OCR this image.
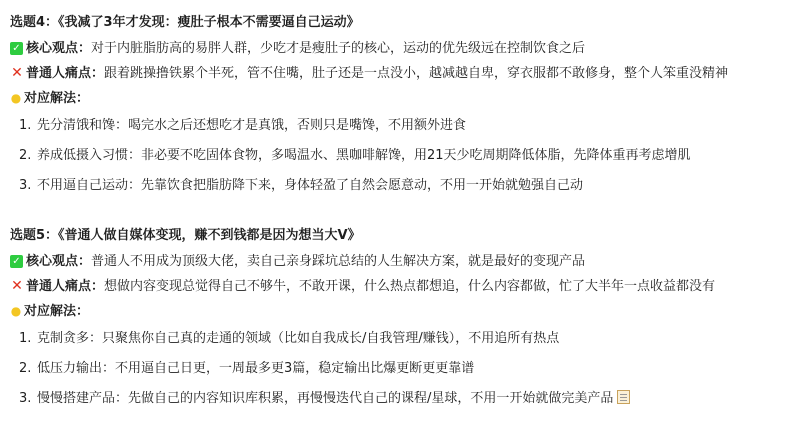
选题4：《我减了3年才发现：瘦肚子根本不需要逼自己运动》
✓ 核心观点：对于内脏脂肪高的易胖人群，少吃才是瘦肚子的核心，运动的优先级远在控制饮食之后
✕ 普通人痛点：跟着跳操撸铁累个半死，管不住嘴，肚子还是一点没小，越减越自卑，穿衣服都不敢修身，整个人笨重没精神
● 对应解法：
1. 先分清饿和馋：喝完水之后还想吃才是真饿，否则只是嘴馋，不用额外进食
2. 养成低摄入习惯：非必要不吃固体食物，多喝温水、黑咖啡解馋，用21天少吃周期降低体脂，先降体重再考虑增肌
3. 不用逼自己运动：先靠饮食把脂肪降下来，身体轻盈了自然会愿意动，不用一开始就勉强自己动
选题5：《普通人做自媒体变现，赚不到钱都是因为想当大V》
✓ 核心观点：普通人不用成为顶级大佬，卖自己亲身踩坑总结的人生解决方案，就是最好的变现产品
✕ 普通人痛点：想做内容变现总觉得自己不够牛，不敢开课，什么热点都想追，什么内容都做，忙了大半年一点收益都没有
● 对应解法：
1. 克制贪多：只聚焦你自己真的走通的领域（比如自我成长/自我管理/赚钱），不用追所有热点
2. 低压力输出：不用逼自己日更，一周最多更3篇，稳定输出比爆更断更更靠谱
3. 慢慢搭建产品：先做自己的内容知识库积累，再慢慢迭代自己的课程/星球，不用一开始就做完美产品
